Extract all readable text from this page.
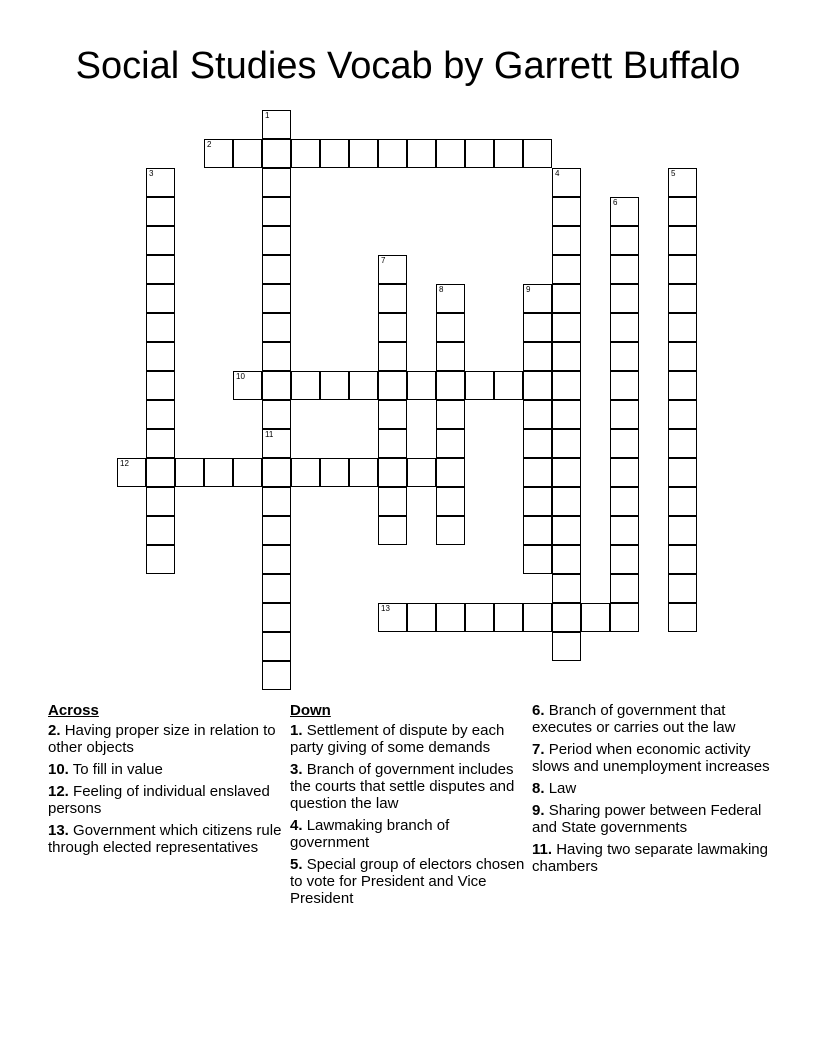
Social Studies Vocab by Garrett Buffalo
1
11
2
3	4	5
6
7
8	9
10
12
13
Across
2. Having proper size in relation to other objects
10. To fill in value
12. Feeling of individual enslaved persons
13. Government which citizens rule through elected representatives
Down
1. Settlement of dispute by each party giving of some demands
3. Branch of government includes the courts that settle disputes and question the law
4. Lawmaking branch of government
5. Special group of electors chosen to vote for President and Vice President
6. Branch of government that executes or carries out the law
7. Period when economic activity slows and unemployment increases
8. Law
9. Sharing power between Federal and State governments
11. Having two separate lawmaking chambers
